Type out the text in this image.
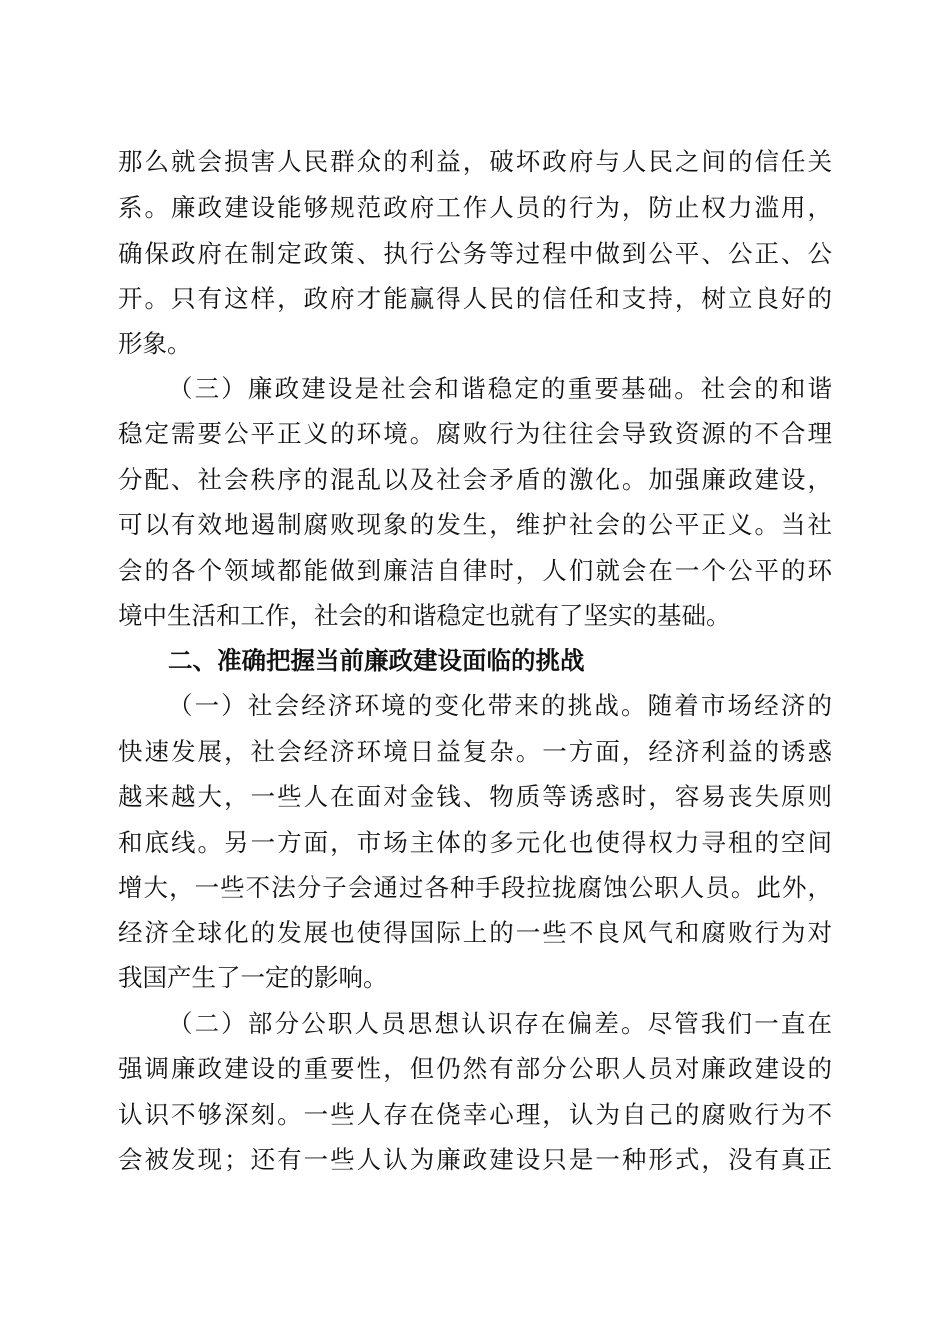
那么就会损害人民群众的利益，破坏政府与人民之间的信任关

系。廉政建设能够规范政府工作人员的行为，防止权力滥用，

确保政府在制定政策、执行公务等过程中做到公平、公正、公

开。只有这样，政府才能赢得人民的信任和支持，树立良好的

形象。

（三）廉政建设是社会和谐稳定的重要基础。社会的和谐

稳定需要公平正义的环境。腐败行为往往会导致资源的不合理

分配、社会秩序的混乱以及社会矛盾的激化。加强廉政建设，

可以有效地遏制腐败现象的发生，维护社会的公平正义。当社

会的各个领域都能做到廉洁自律时，人们就会在一个公平的环

境中生活和工作，社会的和谐稳定也就有了坚实的基础。

二、准确把握当前廉政建设面临的挑战

（一）社会经济环境的变化带来的挑战。随着市场经济的

快速发展，社会经济环境日益复杂。一方面，经济利益的诱惑

越来越大，一些人在面对金钱、物质等诱惑时，容易丧失原则

和底线。另一方面，市场主体的多元化也使得权力寻租的空间

增大，一些不法分子会通过各种手段拉拢腐蚀公职人员。此外，

经济全球化的发展也使得国际上的一些不良风气和腐败行为对

我国产生了一定的影响。

（二）部分公职人员思想认识存在偏差。尽管我们一直在

强调廉政建设的重要性，但仍然有部分公职人员对廉政建设的

认识不够深刻。一些人存在侥幸心理，认为自己的腐败行为不

会被发现；还有一些人认为廉政建设只是一种形式，没有真正
